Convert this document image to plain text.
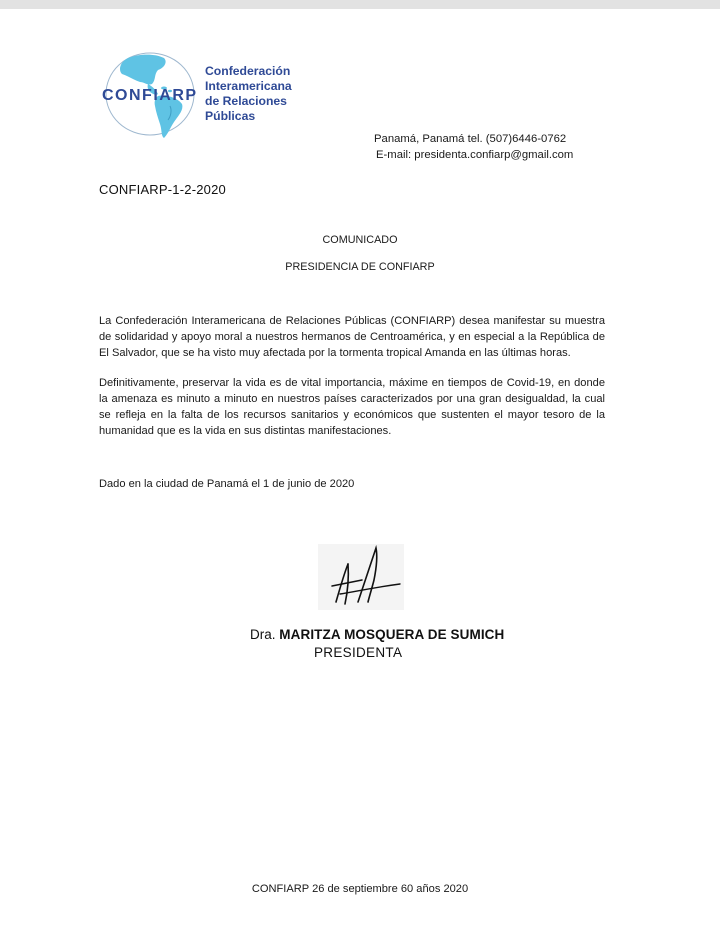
CONFIARP
Confederación
Interamericana
de Relaciones
Públicas
Panamá, Panamá tel. (507)6446-0762
E-mail: presidenta.confiarp@gmail.com
CONFIARP-1-2-2020
COMUNICADO
PRESIDENCIA DE CONFIARP
La Confederación Interamericana de Relaciones Públicas (CONFIARP) desea manifestar su muestra de solidaridad y apoyo moral a nuestros hermanos de Centroamérica, y en especial a la República de El Salvador, que se ha visto muy afectada por la tormenta tropical Amanda en las últimas horas.
Definitivamente, preservar la vida es de vital importancia, máxime en tiempos de Covid-19, en donde la amenaza es minuto a minuto en nuestros países caracterizados por una gran desigualdad, la cual se refleja en la falta de los recursos sanitarios y económicos que sustenten el mayor tesoro de la humanidad que es la vida en sus distintas manifestaciones.
Dado en la ciudad de Panamá el 1 de junio de 2020
Dra. MARITZA MOSQUERA DE SUMICH
PRESIDENTA
CONFIARP 26 de septiembre 60 años 2020
